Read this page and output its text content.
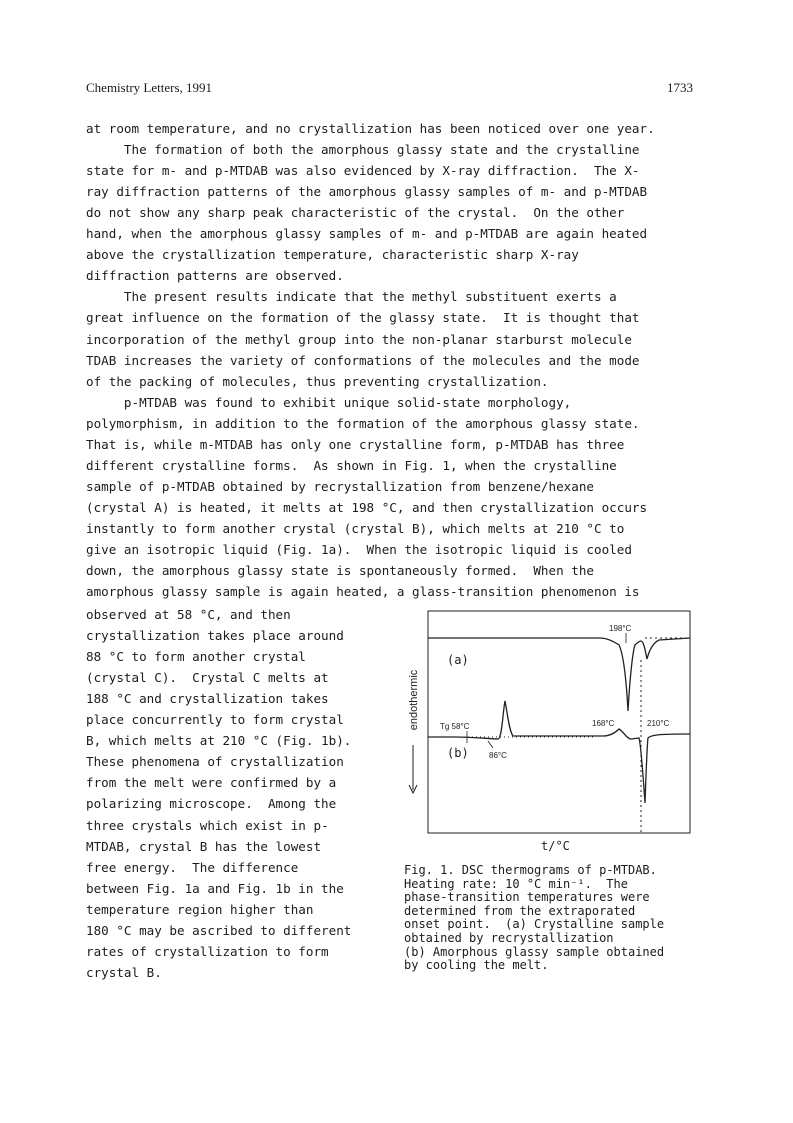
Chemistry Letters, 1991	1733
at room temperature, and no crystallization has been noticed over one year.
The formation of both the amorphous glassy state and the crystalline
state for m- and p-MTDAB was also evidenced by X-ray diffraction.  The X-
ray diffraction patterns of the amorphous glassy samples of m- and p-MTDAB
do not show any sharp peak characteristic of the crystal.  On the other
hand, when the amorphous glassy samples of m- and p-MTDAB are again heated
above the crystallization temperature, characteristic sharp X-ray
diffraction patterns are observed.
The present results indicate that the methyl substituent exerts a
great influence on the formation of the glassy state.  It is thought that
incorporation of the methyl group into the non-planar starburst molecule
TDAB increases the variety of conformations of the molecules and the mode
of the packing of molecules, thus preventing crystallization.
p-MTDAB was found to exhibit unique solid-state morphology,
polymorphism, in addition to the formation of the amorphous glassy state.
That is, while m-MTDAB has only one crystalline form, p-MTDAB has three
different crystalline forms.  As shown in Fig. 1, when the crystalline
sample of p-MTDAB obtained by recrystallization from benzene/hexane
(crystal A) is heated, it melts at 198 °C, and then crystallization occurs
instantly to form another crystal (crystal B), which melts at 210 °C to
give an isotropic liquid (Fig. 1a).  When the isotropic liquid is cooled
down, the amorphous glassy state is spontaneously formed.  When the
amorphous glassy sample is again heated, a glass-transition phenomenon is
observed at 58 °C, and then
crystallization takes place around
88 °C to form another crystal
(crystal C).  Crystal C melts at
188 °C and crystallization takes
place concurrently to form crystal
B, which melts at 210 °C (Fig. 1b).
These phenomena of crystallization
from the melt were confirmed by a
polarizing microscope.  Among the
three crystals which exist in p-
MTDAB, crystal B has the lowest
free energy.  The difference
between Fig. 1a and Fig. 1b in the
temperature region higher than
180 °C may be ascribed to different
rates of crystallization to form
crystal B.
endothermic
(a)
(b)
198°C
Tg 58°C
86°C
168°C	210°C
t/°C
Fig. 1. DSC thermograms of p-MTDAB.
Heating rate: 10 °C min⁻¹.  The
phase-transition temperatures were
determined from the extraporated
onset point.  (a) Crystalline sample
obtained by recrystallization
(b) Amorphous glassy sample obtained
by cooling the melt.
